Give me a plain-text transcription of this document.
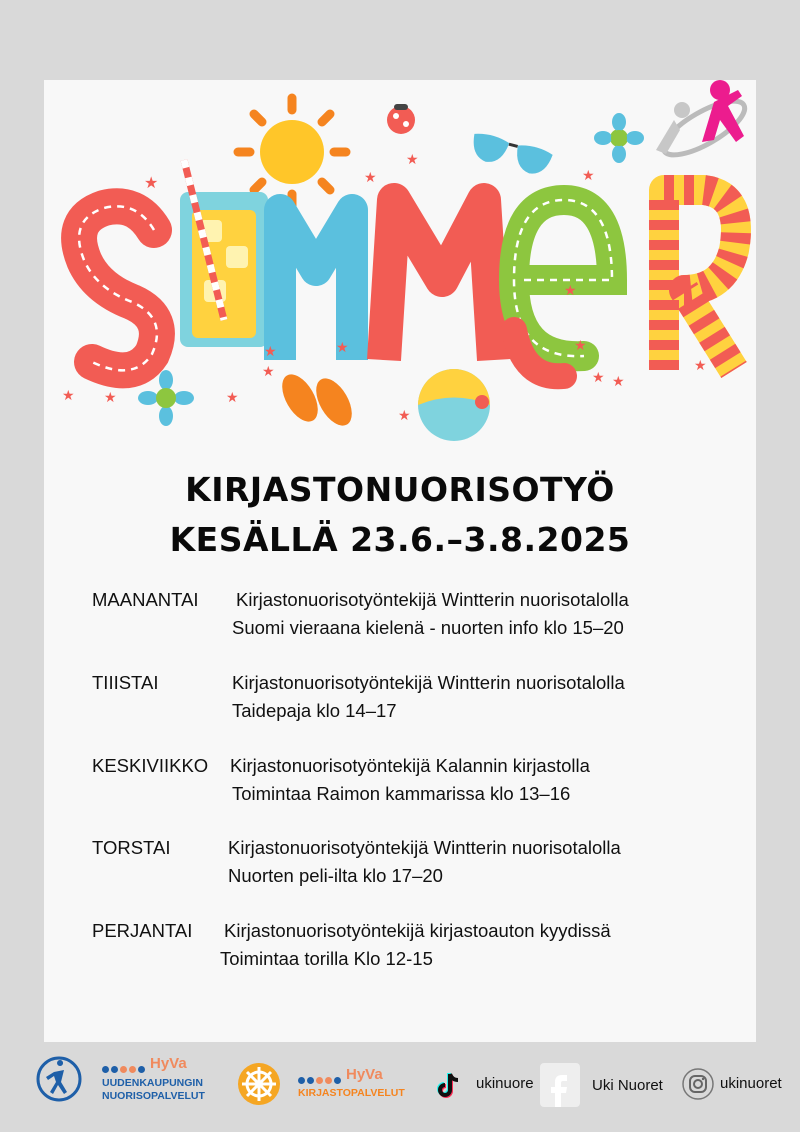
★	★
★
★
★
★
★ ★
★	★
★
★
★
★
★
★
SUMMER
KIRJASTONUORISOTYÖ
KESÄLLÄ 23.6.–3.8.2025
MAANANTAI Kirjastonuorisotyöntekijä Wintterin nuorisotalolla
Suomi vieraana kielenä - nuorten info klo 15–20
TIIISTAI	Kirjastonuorisotyöntekijä Wintterin nuorisotalolla
Taidepaja klo 14–17
KESKIVIIKKO Kirjastonuorisotyöntekijä Kalannin kirjastolla
Toimintaa Raimon kammarissa klo 13–16
TORSTAI	Kirjastonuorisotyöntekijä Wintterin nuorisotalolla
Nuorten peli-ilta klo 17–20
PERJANTAI Kirjastonuorisotyöntekijä kirjastoauton kyydissä
Toimintaa torilla Klo 12-15
HyVa
UUDENKAUPUNGIN
NUORISOPALVELUT
HyVa
KIRJASTOPALVELUT
ukinuore	Uki Nuoret	ukinuoret
